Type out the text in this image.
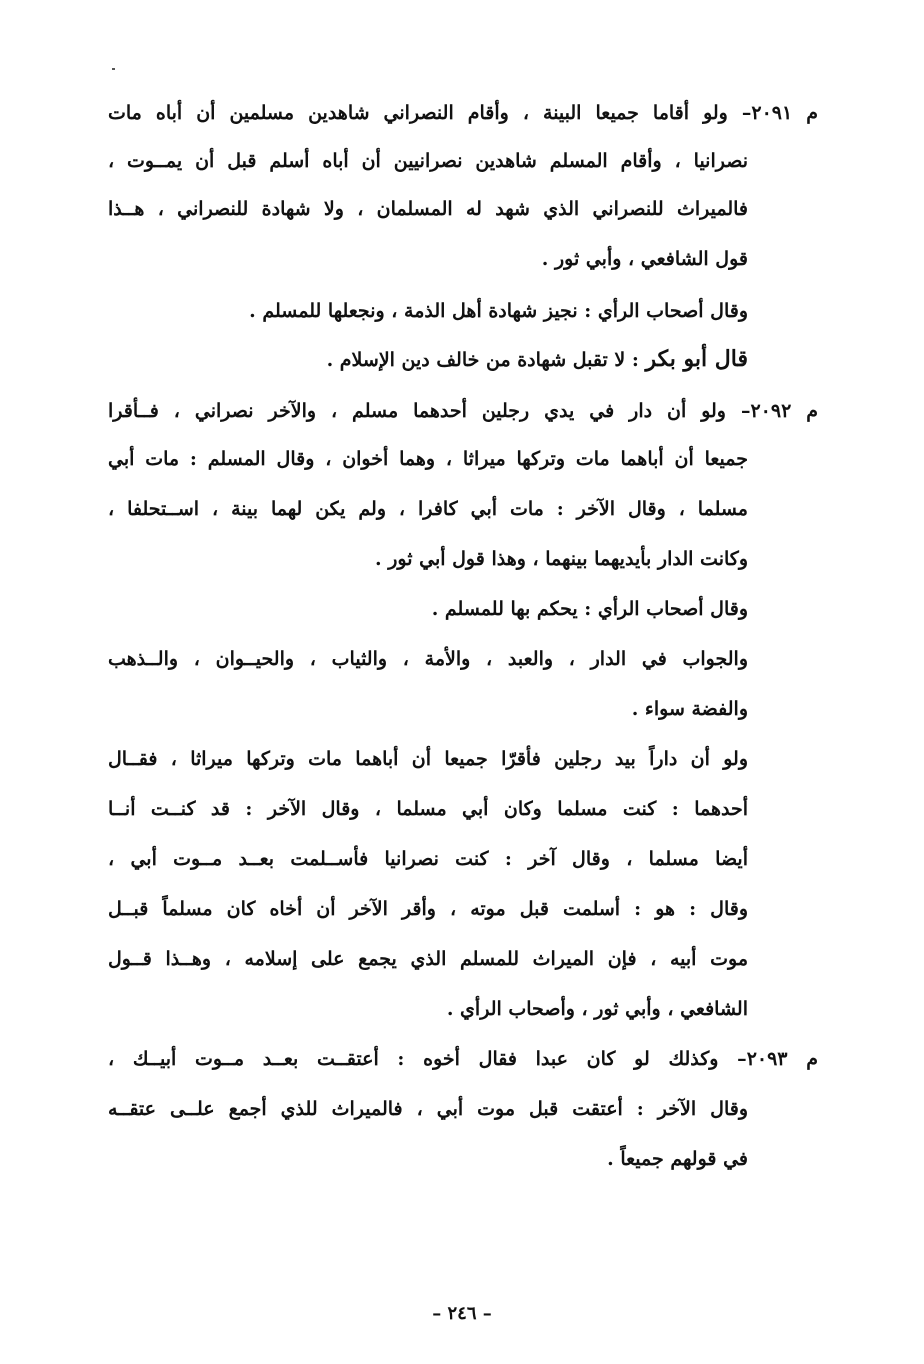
م ٢٠٩١– ولو أقاما جميعا البينة ، وأقام النصراني شاهدين مسلمين أن أباه مات
نصرانيا ، وأقام المسلم شاهدين نصرانيين أن أباه أسلم قبل أن يمــوت ،
فالميراث للنصراني الذي شهد له المسلمان ، ولا شهادة للنصراني ، هــذا
قول الشافعي ، وأبي ثور .
وقال أصحاب الرأي : نجيز شهادة أهل الذمة ، ونجعلها للمسلم .
قال أبو بكر : لا تقبل شهادة من خالف دين الإسلام .
م ٢٠٩٢– ولو أن دار في يدي رجلين أحدهما مسلم ، والآخر نصراني ، فــأقرا
جميعا أن أباهما مات وتركها ميراثا ، وهما أخوان ، وقال المسلم : مات أبي
مسلما ، وقال الآخر : مات أبي كافرا ، ولم يكن لهما بينة ، اســتحلفا ،
وكانت الدار بأيديهما بينهما ، وهذا قول أبي ثور .
وقال أصحاب الرأي : يحكم بها للمسلم .
والجواب في الدار ، والعبد ، والأمة ، والثياب ، والحيــوان ، والــذهب
والفضة سواء .
ولو أن داراً بيد رجلين فأقرّا جميعا أن أباهما مات وتركها ميراثا ، فقــال
أحدهما : كنت مسلما وكان أبي مسلما ، وقال الآخر : قد كنــت أنــا
أيضا مسلما ، وقال آخر : كنت نصرانيا فأســلمت بعــد مــوت أبي ،
وقال : هو : أسلمت قبل موته ، وأقر الآخر أن أخاه كان مسلماً قبــل
موت أبيه ، فإن الميراث للمسلم الذي يجمع على إسلامه ، وهــذا قــول
الشافعي ، وأبي ثور ، وأصحاب الرأي .
م ٢٠٩٣– وكذلك لو كان عبدا فقال أخوه : أعتقــت بعــد مــوت أبيــك ،
وقال الآخر : أعتقت قبل موت أبي ، فالميراث للذي أجمع علــى عتقــه
في قولهم جميعاً .
– ٢٤٦ –
